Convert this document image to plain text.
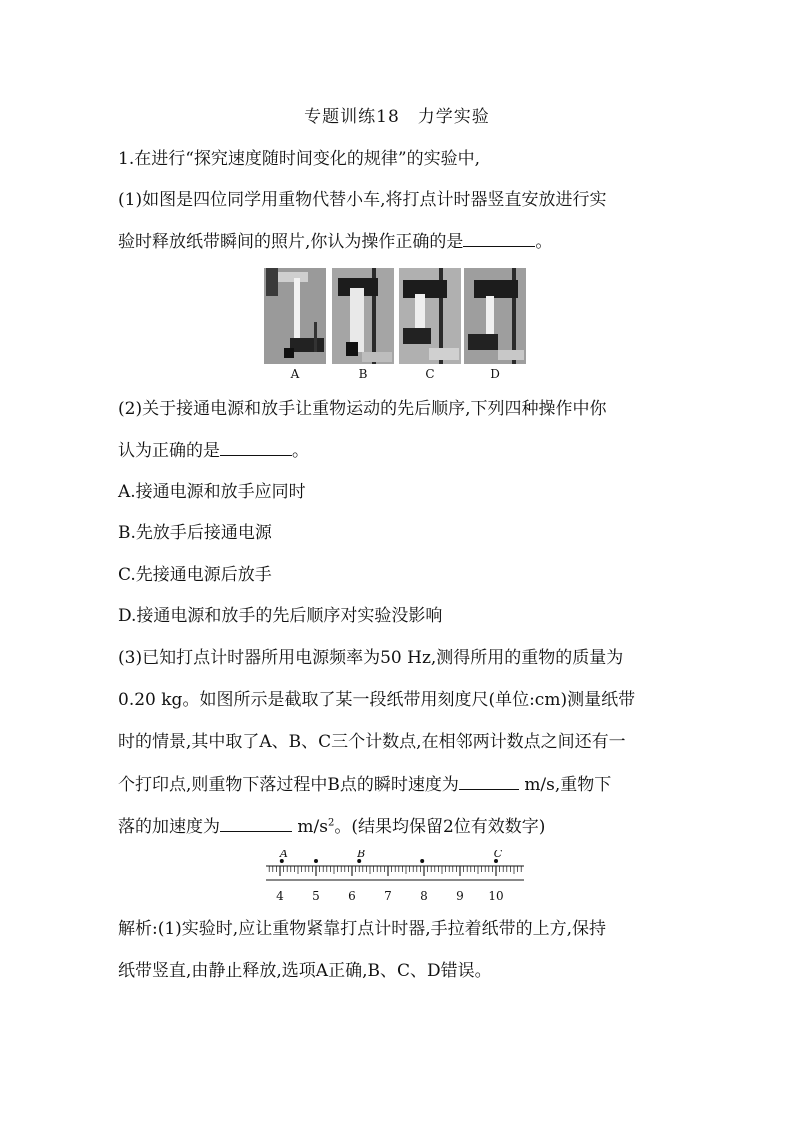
专题训练18　力学实验
1.在进行“探究速度随时间变化的规律”的实验中,
(1)如图是四位同学用重物代替小车,将打点计时器竖直安放进行实
验时释放纸带瞬间的照片,你认为操作正确的是	。
A	B	C	D
(2)关于接通电源和放手让重物运动的先后顺序,下列四种操作中你
认为正确的是	。
A.接通电源和放手应同时
B.先放手后接通电源
C.先接通电源后放手
D.接通电源和放手的先后顺序对实验没影响
(3)已知打点计时器所用电源频率为50 Hz,测得所用的重物的质量为
0.20 kg。如图所示是截取了某一段纸带用刻度尺(单位:cm)测量纸带
时的情景,其中取了A、B、C三个计数点,在相邻两计数点之间还有一
个打印点,则重物下落过程中B点的瞬时速度为	m/s,重物下
落的加速度为	$m/s^2$。(结果均保留2位有效数字)
4 5 6 7 8 9 10
A	B	C
解析:(1)实验时,应让重物紧靠打点计时器,手拉着纸带的上方,保持
纸带竖直,由静止释放,选项A正确,B、C、D错误。
